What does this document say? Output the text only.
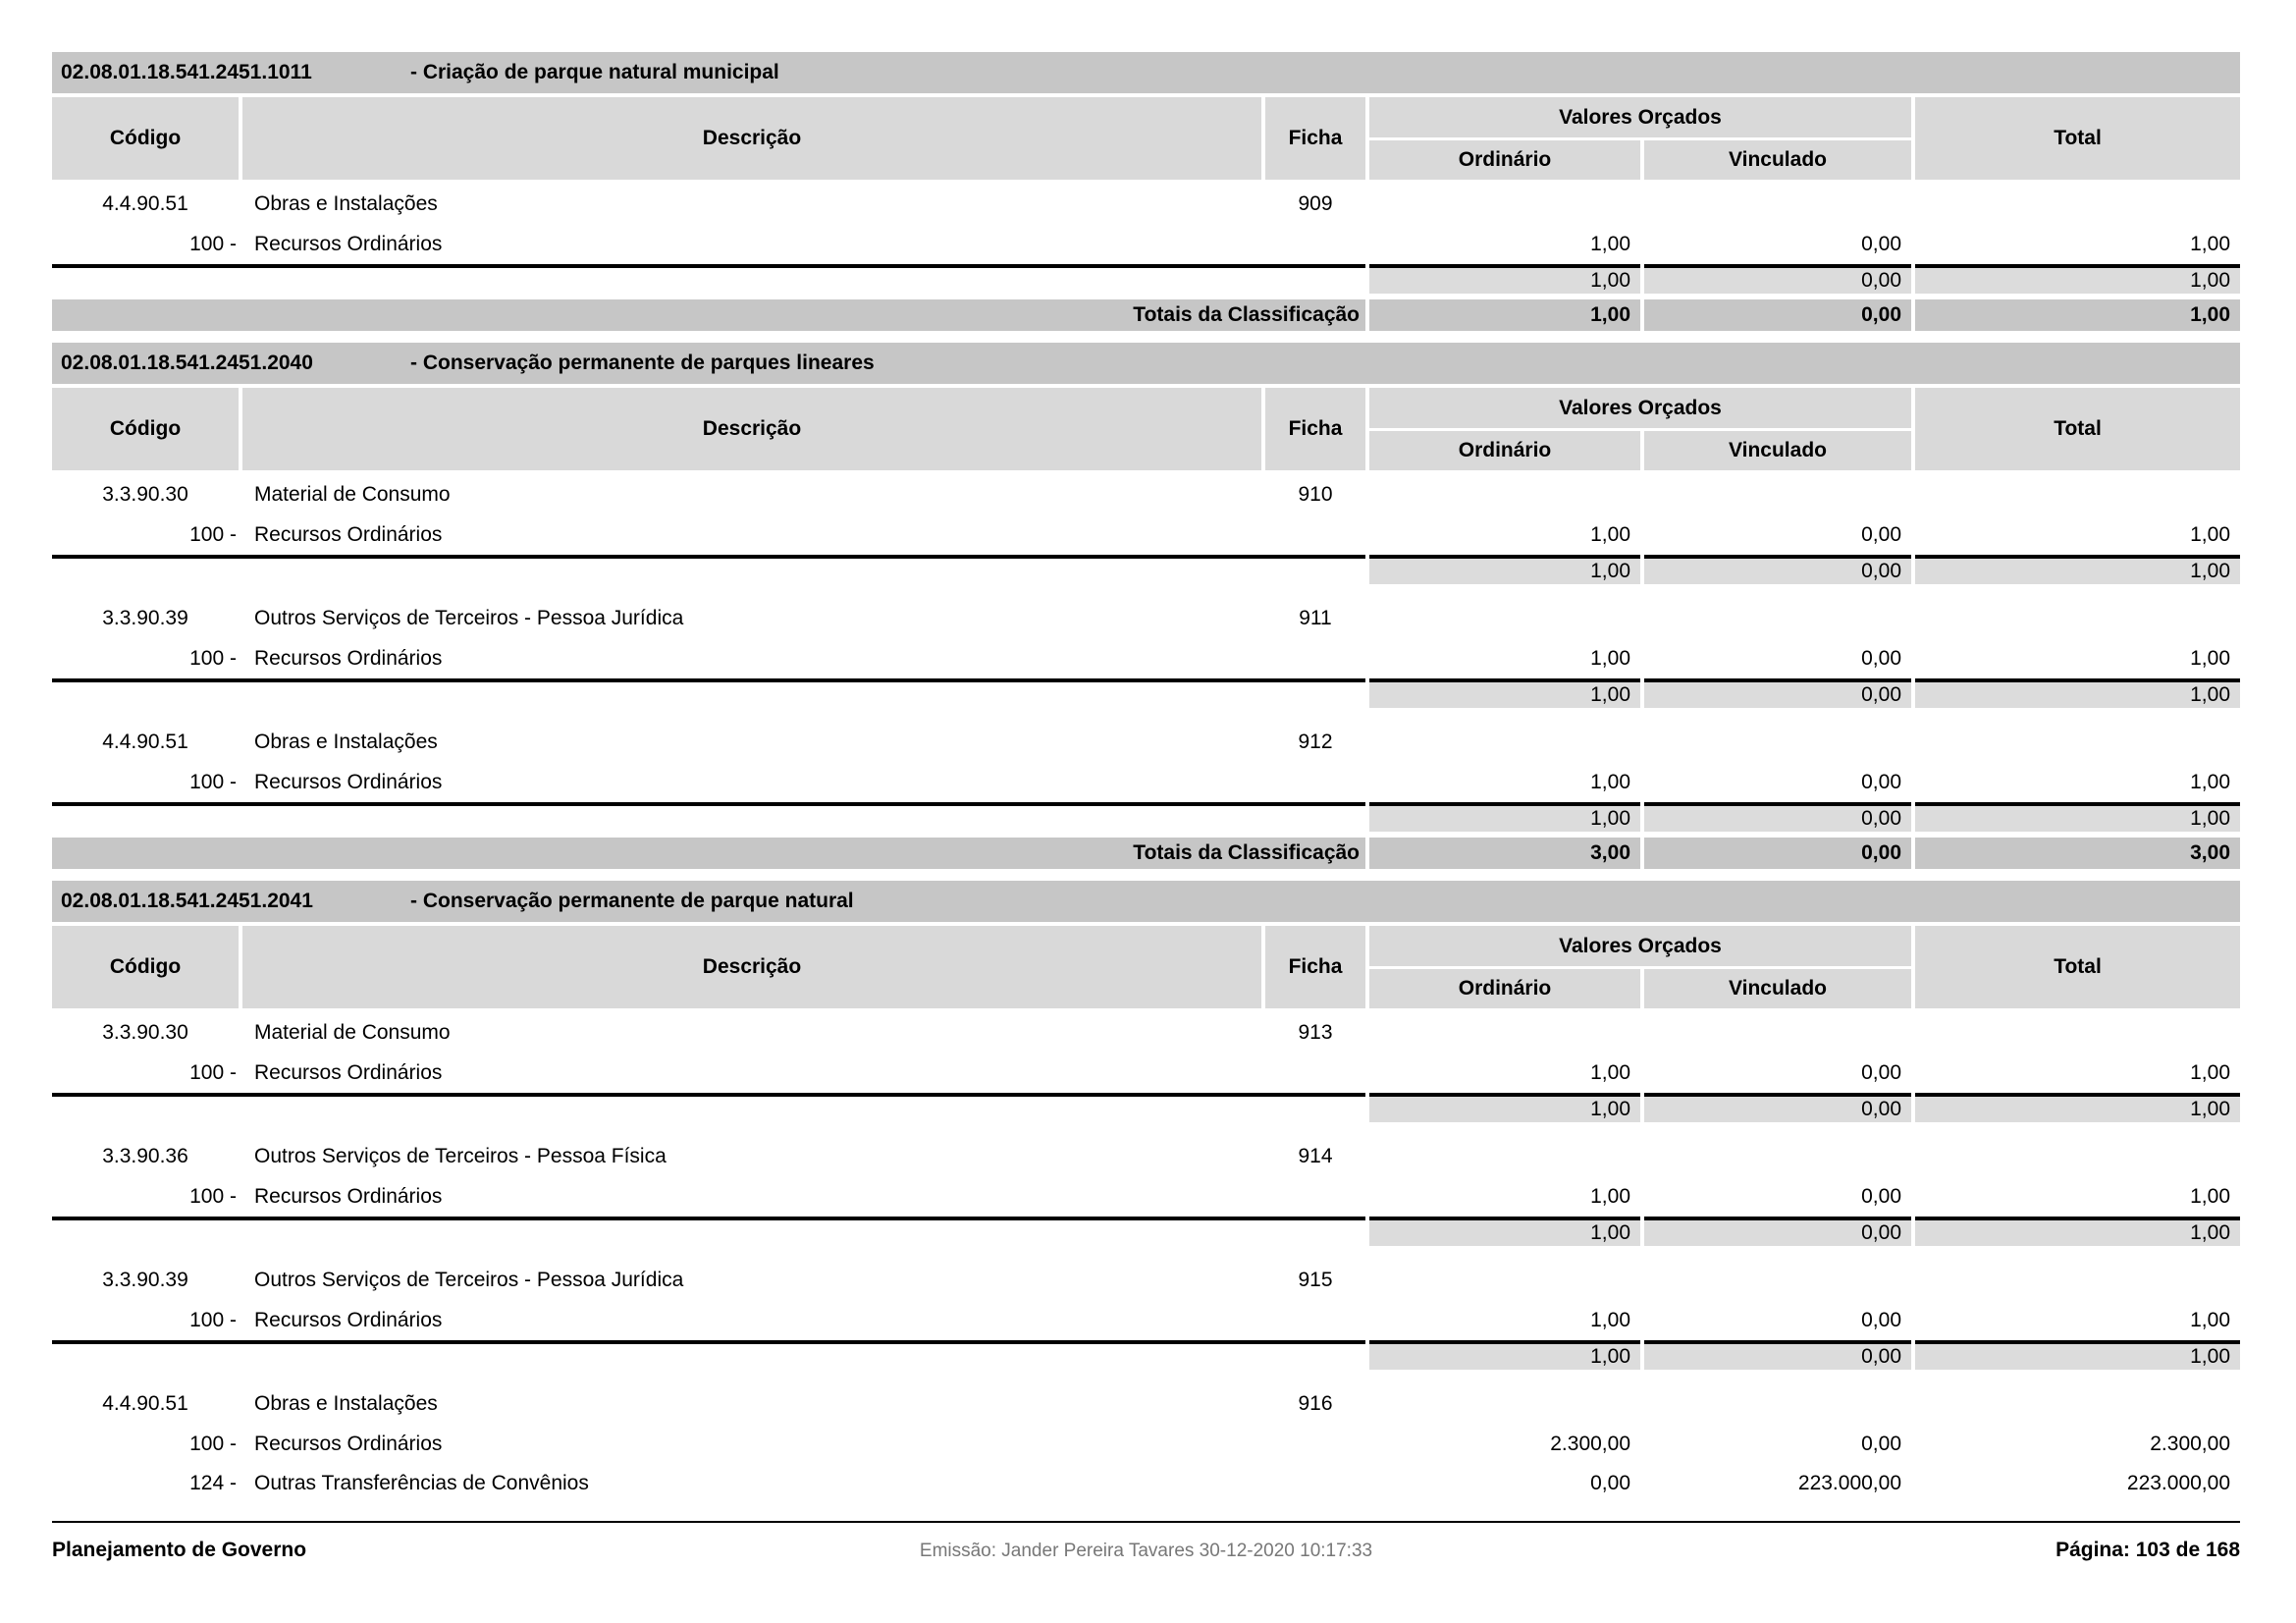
02.08.01.18.541.2451.1011	- Criação de parque natural municipal
Código	Descrição	Ficha
Valores Orçados
Ordinário	Vinculado
Total
4.4.90.51	Obras e Instalações	909
100 - Recursos Ordinários	1,00	0,00	1,00
1,00	0,00	1,00
Totais da Classificação	1,00	0,00	1,00
02.08.01.18.541.2451.2040	- Conservação permanente de parques lineares
Código	Descrição	Ficha
Valores Orçados
Ordinário	Vinculado
Total
3.3.90.30	Material de Consumo	910
100 - Recursos Ordinários	1,00	0,00	1,00
1,00	0,00	1,00
3.3.90.39	Outros Serviços de Terceiros - Pessoa Jurídica	911
100 - Recursos Ordinários	1,00	0,00	1,00
1,00	0,00	1,00
4.4.90.51	Obras e Instalações	912
100 - Recursos Ordinários	1,00	0,00	1,00
1,00	0,00	1,00
Totais da Classificação	3,00	0,00	3,00
02.08.01.18.541.2451.2041	- Conservação permanente de parque natural
Código	Descrição	Ficha
Valores Orçados
Ordinário	Vinculado
Total
3.3.90.30	Material de Consumo	913
100 - Recursos Ordinários	1,00	0,00	1,00
1,00	0,00	1,00
3.3.90.36	Outros Serviços de Terceiros - Pessoa Física	914
100 - Recursos Ordinários	1,00	0,00	1,00
1,00	0,00	1,00
3.3.90.39	Outros Serviços de Terceiros - Pessoa Jurídica	915
100 - Recursos Ordinários	1,00	0,00	1,00
1,00	0,00	1,00
4.4.90.51	Obras e Instalações	916
100 - Recursos Ordinários	2.300,00	0,00	2.300,00
124 - Outras Transferências de Convênios	0,00	223.000,00	223.000,00
Planejamento de Governo	Emissão: Jander Pereira Tavares 30-12-2020 10:17:33	Página: 103 de 168
